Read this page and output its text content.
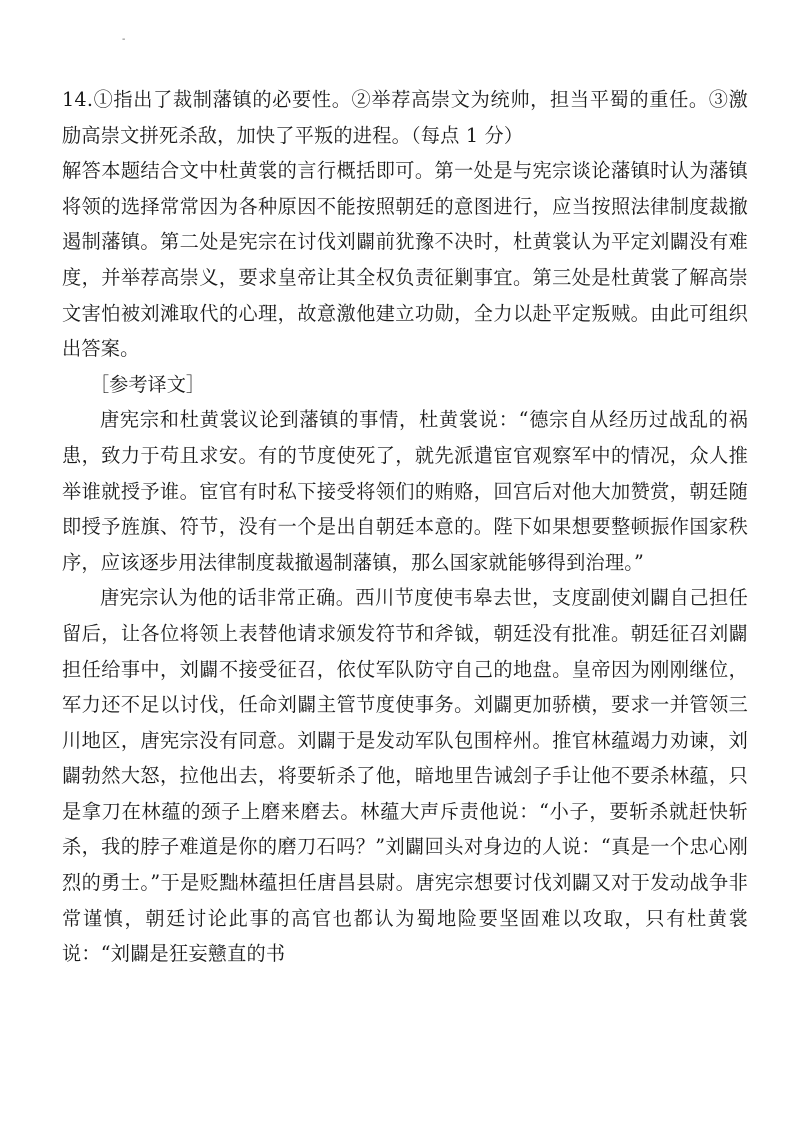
-

14.①指出了裁制藩镇的必要性。②举荐高崇文为统帅，担当平蜀的重任。③激励高崇文拼死杀敌，加快了平叛的进程。（每点 1 分）

解答本题结合文中杜黄裳的言行概括即可。第一处是与宪宗谈论藩镇时认为藩镇将领的选择常常因为各种原因不能按照朝廷的意图进行，应当按照法律制度裁撤遏制藩镇。第二处是宪宗在讨伐刘闢前犹豫不决时，杜黄裳认为平定刘闢没有难度，并举荐高崇义，要求皇帝让其全权负责征剿事宜。第三处是杜黄裳了解高崇文害怕被刘滩取代的心理，故意激他建立功勋，全力以赴平定叛贼。由此可组织出答案。

［参考译文］

唐宪宗和杜黄裳议论到藩镇的事情，杜黄裳说：“德宗自从经历过战乱的祸患，致力于苟且求安。有的节度使死了，就先派遣宦官观察军中的情况，众人推举谁就授予谁。宦官有时私下接受将领们的贿赂，回宫后对他大加赞赏，朝廷随即授予旌旗、符节，没有一个是出自朝廷本意的。陛下如果想要整顿振作国家秩序，应该逐步用法律制度裁撤遏制藩镇，那么国家就能够得到治理。”

唐宪宗认为他的话非常正确。西川节度使韦皋去世，支度副使刘闢自己担任留后，让各位将领上表替他请求颁发符节和斧钺，朝廷没有批准。朝廷征召刘闢担任给事中，刘闢不接受征召，依仗军队防守自己的地盘。皇帝因为刚刚继位，军力还不足以讨伐，任命刘闢主管节度使事务。刘闢更加骄横，要求一并管领三川地区，唐宪宗没有同意。刘闢于是发动军队包围梓州。推官林蕴竭力劝谏，刘闢勃然大怒，拉他出去，将要斩杀了他，暗地里告诫刽子手让他不要杀林蕴，只是拿刀在林蕴的颈子上磨来磨去。林蕴大声斥责他说：“小子，要斩杀就赶快斩杀，我的脖子难道是你的磨刀石吗？”刘闢回头对身边的人说：“真是一个忠心刚烈的勇士。”于是贬黜林蕴担任唐昌县尉。唐宪宗想要讨伐刘闢又对于发动战争非常谨慎，朝廷讨论此事的高官也都认为蜀地险要坚固难以攻取，只有杜黄裳说：“刘闢是狂妄戆直的书
